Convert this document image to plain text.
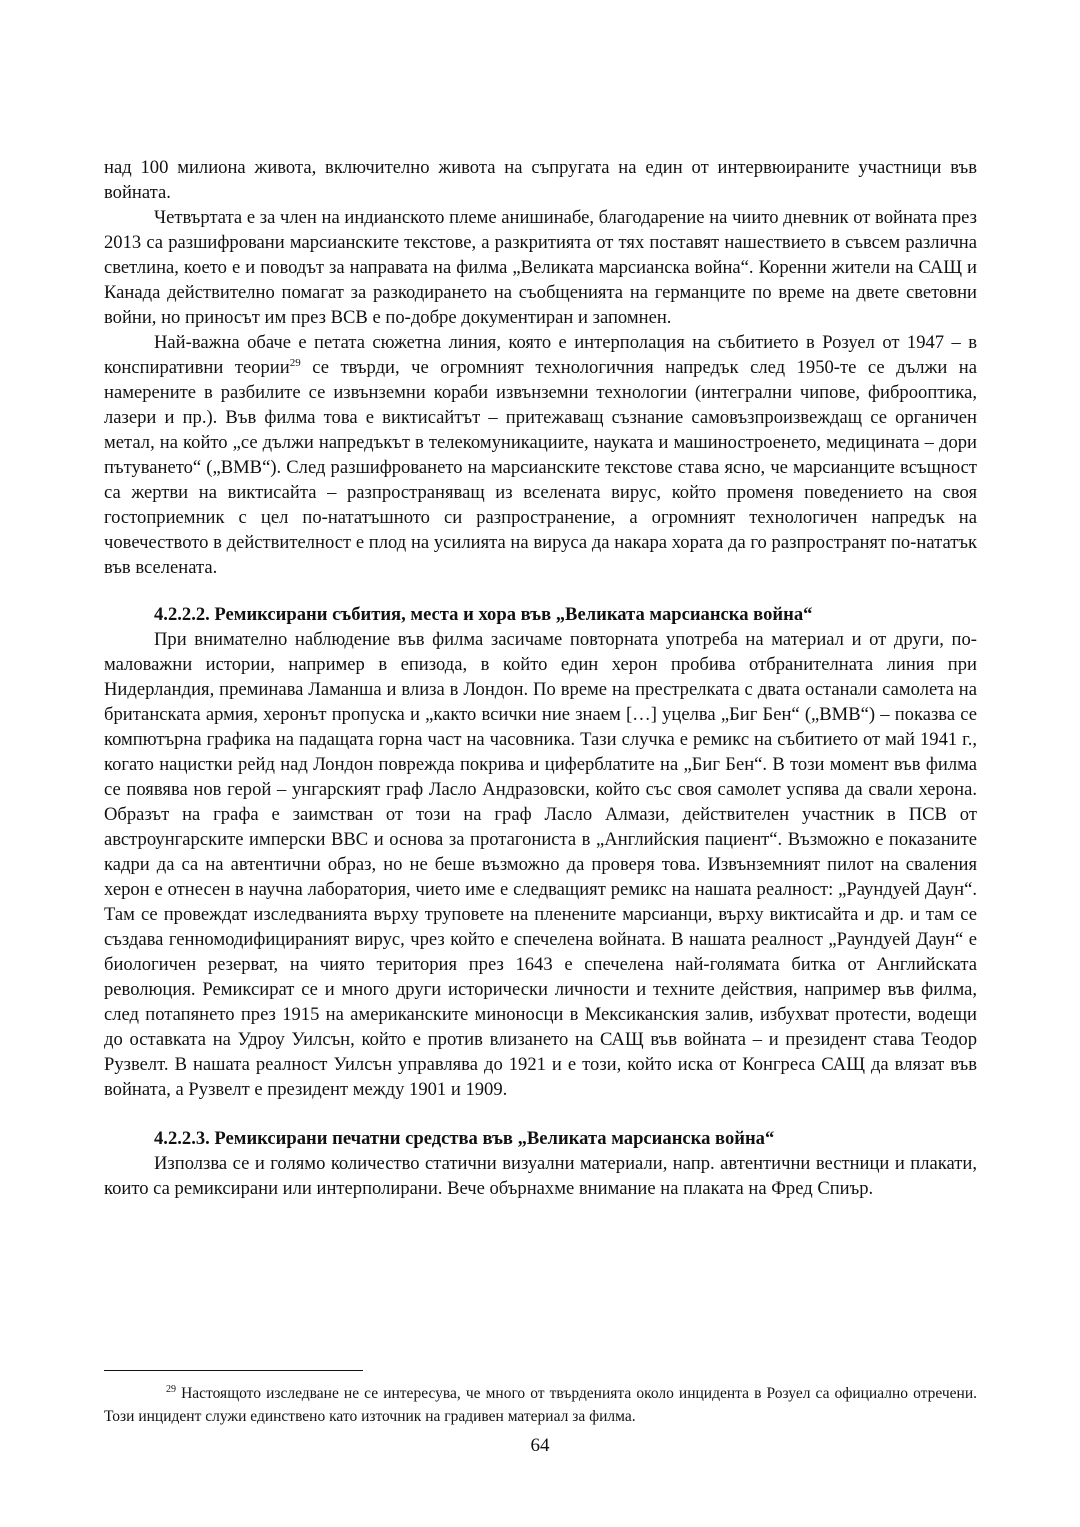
над 100 милиона живота, включително живота на съпругата на един от интервюираните участници във войната.

Четвъртата е за член на индианското племе анишинабе, благодарение на чиито дневник от войната през 2013 са разшифровани марсианските текстове, а разкритията от тях поставят нашествието в съвсем различна светлина, което е и поводът за направата на филма „Великата марсианска война“. Коренни жители на САЩ и Канада действително помагат за разкодирането на съобщенията на германците по време на двете световни войни, но приносът им през ВСВ е по-добре документиран и запомнен.

Най-важна обаче е петата сюжетна линия, която е интерполация на събитието в Розуел от 1947 – в конспиративни теории$^{29}$ се твърди, че огромният технологичния напредък след 1950-те се дължи на намерените в разбилите се извънземни кораби извънземни технологии (интегрални чипове, фиброоптика, лазери и пр.). Във филма това е виктисайтът – притежаващ съзнание самовъзпроизвеждащ се органичен метал, на който „се дължи напредъкът в телекомуникациите, науката и машиностроенето, медицината – дори пътуването“ („ВМВ“). След разшифроването на марсианските текстове става ясно, че марсианците всъщност са жертви на виктисайта – разпространяващ из вселената вирус, който променя поведението на своя гостоприемник с цел по-нататъшното си разпространение, а огромният технологичен напредък на човечеството в действителност е плод на усилията на вируса да накара хората да го разпространят по-нататък във вселената.

4.2.2.2. Ремиксирани събития, места и хора във „Великата марсианска война“

При внимателно наблюдение във филма засичаме повторната употреба на материал и от други, по-маловажни истории, например в епизода, в който един херон пробива отбранителната линия при Нидерландия, преминава Ламанша и влиза в Лондон. По време на престрелката с двата останали самолета на британската армия, херонът пропуска и „както всички ние знаем […] уцелва „Биг Бен“ („ВМВ“) – показва се компютърна графика на падащата горна част на часовника. Тази случка е ремикс на събитието от май 1941 г., когато нацистки рейд над Лондон поврежда покрива и циферблатите на „Биг Бен“. В този момент във филма се появява нов герой – унгарският граф Ласло Андразовски, който със своя самолет успява да свали херона. Образът на графа е заимстван от този на граф Ласло Алмази, действителен участник в ПСВ от австроунгарските имперски ВВС и основа за протагониста в „Английския пациент“. Възможно е показаните кадри да са на автентични образ, но не беше възможно да проверя това. Извънземният пилот на сваления херон е отнесен в научна лаборатория, чието име е следващият ремикс на нашата реалност: „Раундуей Даун“. Там се провеждат изследванията върху труповете на пленените марсианци, върху виктисайта и др. и там се създава генномодифицираният вирус, чрез който е спечелена войната. В нашата реалност „Раундуей Даун“ е биологичен резерват, на чиято територия през 1643 е спечелена най-голямата битка от Английската революция. Ремиксират се и много други исторически личности и техните действия, например във филма, след потапянето през 1915 на американските миноносци в Мексиканския залив, избухват протести, водещи до оставката на Удроу Уилсън, който е против влизането на САЩ във войната – и президент става Теодор Рузвелт. В нашата реалност Уилсън управлява до 1921 и е този, който иска от Конгреса САЩ да влязат във войната, а Рузвелт е президент между 1901 и 1909.

4.2.2.3. Ремиксирани печатни средства във „Великата марсианска война“

Използва се и голямо количество статични визуални материали, напр. автентични вестници и плакати, които са ремиксирани или интерполирани. Вече обърнахме внимание на плаката на Фред Спиър.

$^{29}$ Настоящото изследване не се интересува, че много от твърденията около инцидента в Розуел са официално отречени. Този инцидент служи единствено като източник на градивен материал за филма.

64
